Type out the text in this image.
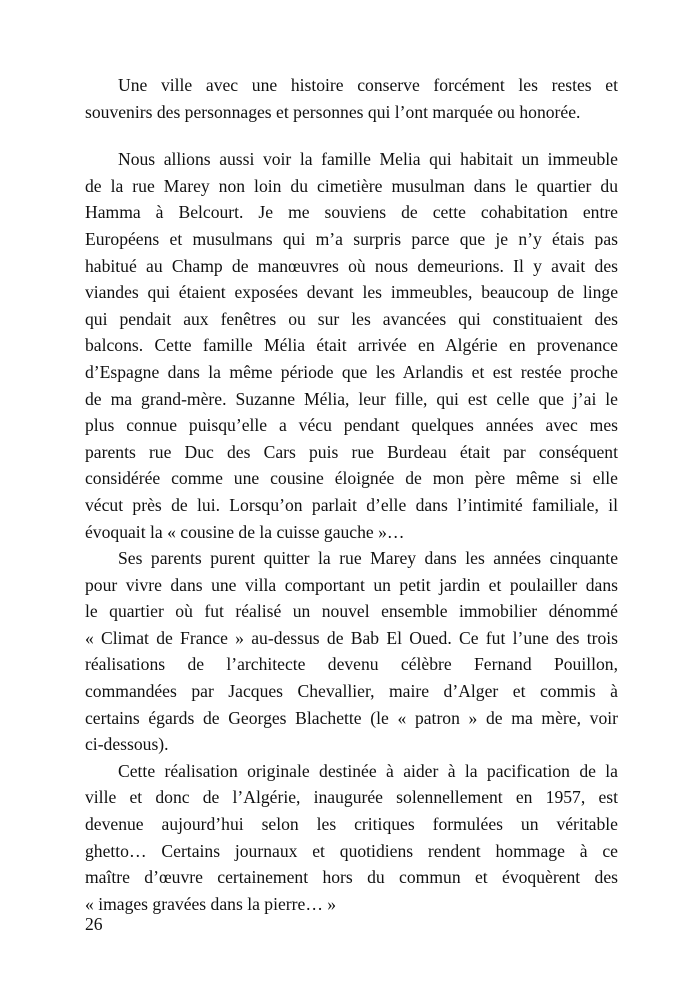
Une ville avec une histoire conserve forcément les restes et
souvenirs des personnages et personnes qui l’ont marquée ou honorée.
Nous allions aussi voir la famille Melia qui habitait un immeuble
de la rue Marey non loin du cimetière musulman dans le quartier du
Hamma à Belcourt. Je me souviens de cette cohabitation entre
Européens et musulmans qui m’a surpris parce que je n’y étais pas
habitué au Champ de manœuvres où nous demeurions. Il y avait des
viandes qui étaient exposées devant les immeubles, beaucoup de linge
qui pendait aux fenêtres ou sur les avancées qui constituaient des
balcons. Cette famille Mélia était arrivée en Algérie en provenance
d’Espagne dans la même période que les Arlandis et est restée proche
de ma grand-mère. Suzanne Mélia, leur fille, qui est celle que j’ai le
plus connue puisqu’elle a vécu pendant quelques années avec mes
parents rue Duc des Cars puis rue Burdeau était par conséquent
considérée comme une cousine éloignée de mon père même si elle
vécut près de lui. Lorsqu’on parlait d’elle dans l’intimité familiale, il
évoquait la « cousine de la cuisse gauche »…
Ses parents purent quitter la rue Marey dans les années cinquante
pour vivre dans une villa comportant un petit jardin et poulailler dans
le quartier où fut réalisé un nouvel ensemble immobilier dénommé
« Climat de France » au-dessus de Bab El Oued. Ce fut l’une des trois
réalisations de l’architecte devenu célèbre Fernand Pouillon,
commandées par Jacques Chevallier, maire d’Alger et commis à
certains égards de Georges Blachette (le « patron » de ma mère, voir
ci-dessous).
Cette réalisation originale destinée à aider à la pacification de la
ville et donc de l’Algérie, inaugurée solennellement en 1957, est
devenue aujourd’hui selon les critiques formulées un véritable
ghetto… Certains journaux et quotidiens rendent hommage à ce
maître d’œuvre certainement hors du commun et évoquèrent des
« images gravées dans la pierre… »
26
